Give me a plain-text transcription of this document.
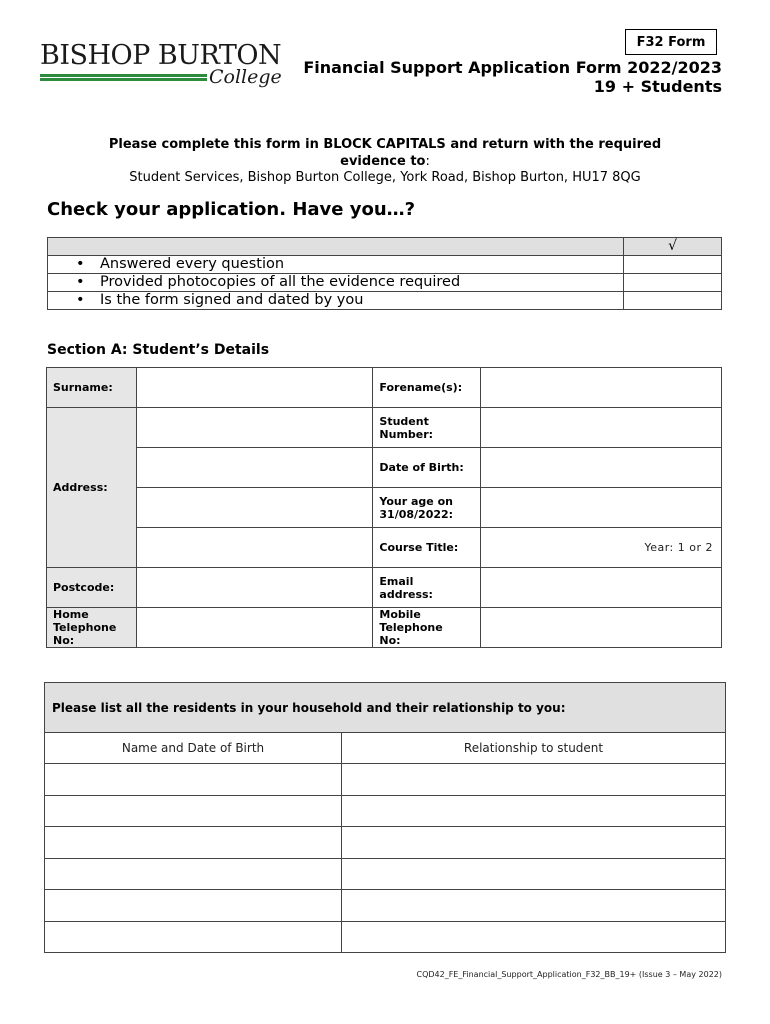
F32 Form
BISHOP BURTON
College Financial Support Application Form 2022/2023
19 + Students
Please complete this form in BLOCK CAPITALS and return with the required
evidence to:
Student Services, Bishop Burton College, York Road, Bishop Burton, HU17 8QG
Check your application. Have you…?
	√
• Answered every question	
• Provided photocopies of all the evidence required	
• Is the form signed and dated by you	
Section A: Student’s Details
Surname:		Forename(s):	
Address:		Student
Number:	
		Date of Birth:	
		Your age on
31/08/2022:	
		Course Title:	Year: 1 or 2
Postcode:		Email
address:	
Home
Telephone
No:		Mobile
Telephone
No:	
Please list all the residents in your household and their relationship to you:	
Name and Date of Birth	Relationship to student

CQD42_FE_Financial_Support_Application_F32_BB_19+ (Issue 3 – May 2022)
